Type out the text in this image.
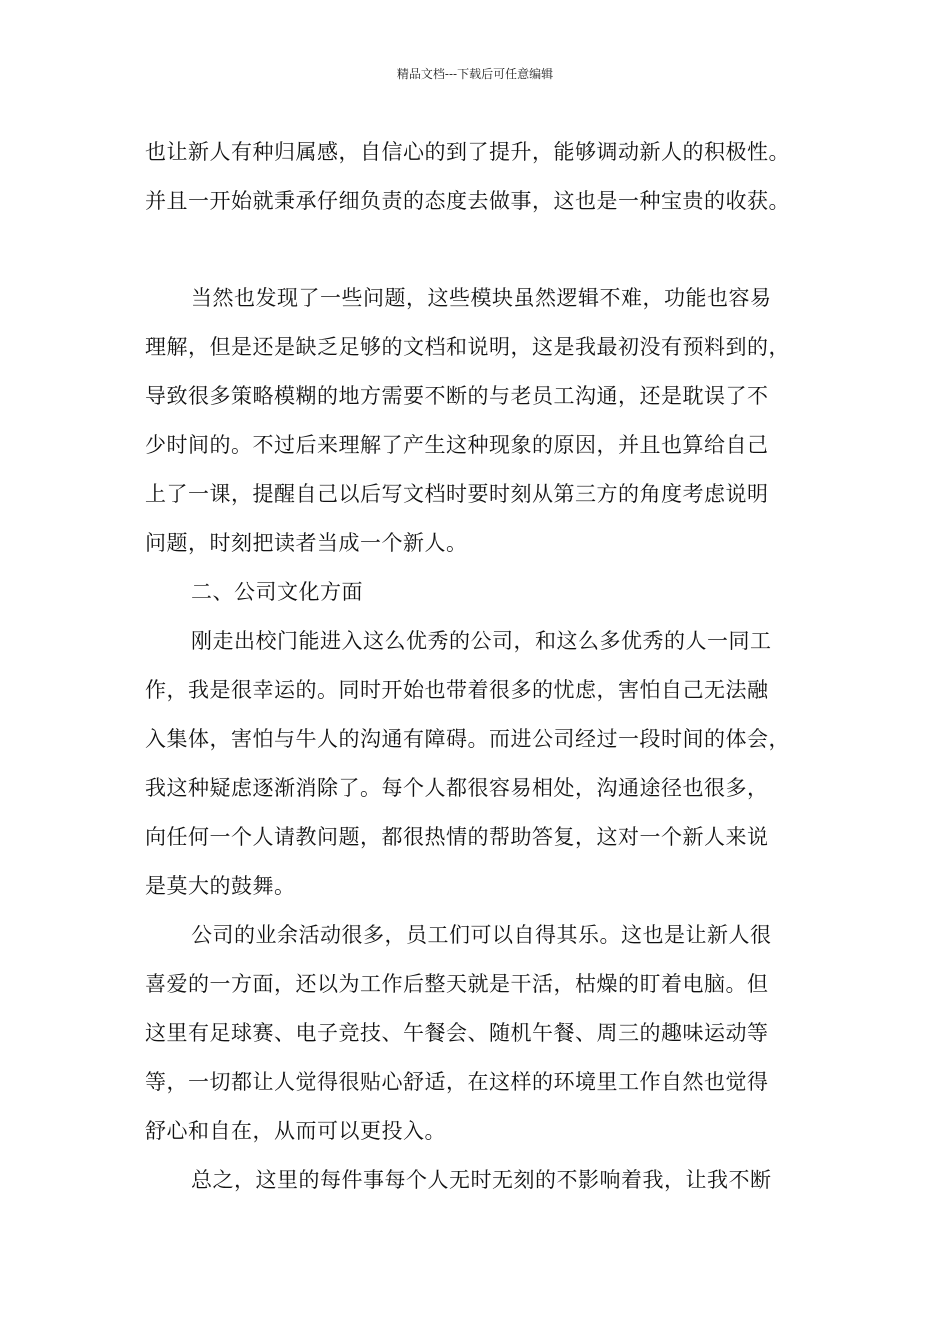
精品文档---下载后可任意编辑
也让新人有种归属感，自信心的到了提升，能够调动新人的积极性。
并且一开始就秉承仔细负责的态度去做事，这也是一种宝贵的收获。
当然也发现了一些问题，这些模块虽然逻辑不难，功能也容易
理解，但是还是缺乏足够的文档和说明，这是我最初没有预料到的，
导致很多策略模糊的地方需要不断的与老员工沟通，还是耽误了不
少时间的。不过后来理解了产生这种现象的原因，并且也算给自己
上了一课，提醒自己以后写文档时要时刻从第三方的角度考虑说明
问题，时刻把读者当成一个新人。
二、公司文化方面
刚走出校门能进入这么优秀的公司，和这么多优秀的人一同工
作，我是很幸运的。同时开始也带着很多的忧虑，害怕自己无法融
入集体，害怕与牛人的沟通有障碍。而进公司经过一段时间的体会，
我这种疑虑逐渐消除了。每个人都很容易相处，沟通途径也很多，
向任何一个人请教问题，都很热情的帮助答复，这对一个新人来说
是莫大的鼓舞。
公司的业余活动很多，员工们可以自得其乐。这也是让新人很
喜爱的一方面，还以为工作后整天就是干活，枯燥的盯着电脑。但
这里有足球赛、电子竞技、午餐会、随机午餐、周三的趣味运动等
等，一切都让人觉得很贴心舒适，在这样的环境里工作自然也觉得
舒心和自在，从而可以更投入。
总之，这里的每件事每个人无时无刻的不影响着我，让我不断
